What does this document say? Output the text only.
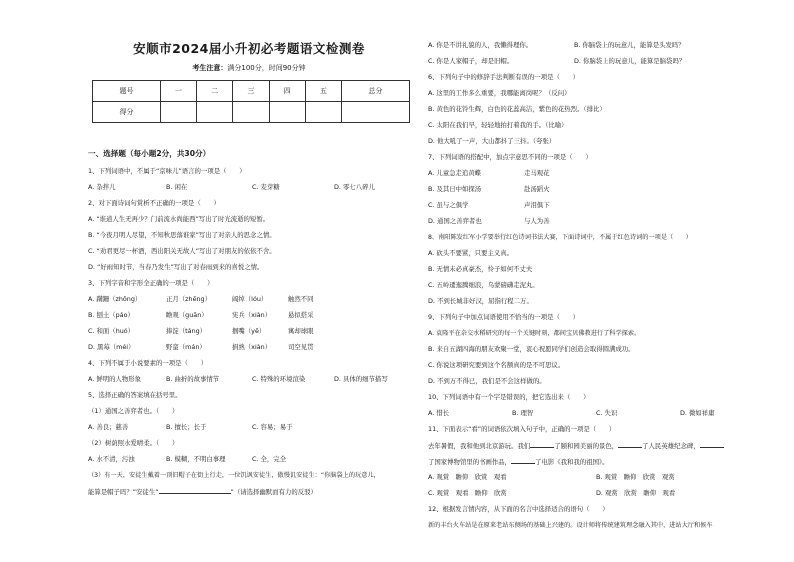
安顺市2024届小升初必考题语文检测卷
考生注意：满分100分，时间90分钟
题号	一	二	三	四	五	总分
得分						
一、选择题（每小题2分，共30分）
1、下列词语中，不属于“京味儿”语言的一项是（　　）
A. 杂拌儿	B. 闲在	C. 麦芽糖	D. 零七八碎儿
2、对下面诗词句赏析不正确的一项是（　　）
A. “谁道人生无再少？门前流水尚能西”写出了时光流逝的短暂。
B. “今夜月明人尽望，不知秋思落谁家”写出了对亲人的思念之情。
C. “劝君更尽一杯酒，西出阳关无故人”写出了对朋友的依依不舍。
D. “好雨知时节，当春乃发生”写出了对春雨到来的喜悦之情。
3、下列字音和字形全正确的一项是（　　）
A. 蹒跚（zhōng）	正月（zhēng）	阔绰（lóu）	触然不同
B. 刨土（páo）	瞻观（guān）	宪兵（xiàn）	悬拟搭采
C. 和面（huó）	捧淀（táng）	掴嘴（yē）	寓却球眼
D. 黑莓（méi）	野蛮（mán）	捐熟（xiàn）	司空见贯
4、下列不属于小说要素的一项是（　　）
A. 鲜明的人物形象	B. 曲折的故事情节	C. 特殊的环境渲染	D. 具体的细节描写
5、选择正确的答案填在括号里。
（1）通国之善弈者也。（　　）
A. 善良；慈善	B. 擅长；长于	C. 容易；易于
（2）树荫照水爱晴柔。（　　）
A. 水不清，污浊	B. 模糊，不明白事理	C. 全，完全
（3）有一天，安徒生戴着一顶旧帽子在街上行走，一位饥讽安徒生，傲慢讥安徒生：“你脑袋上的玩意儿，
能算是帽子吗？”安徒生“	”（请选择幽默而有力的反驳）
A. 你是不讲礼貌的人，我懒得理你。	B. 你脑袋上的玩意儿，能算是头发吗？
C. 你是人家帽子，却是旧帽。	D. 你脑袋上的玩意儿，能算是脑袋吗？
6、下列句子中的修辞手法判断有误的一项是（　　）
A. 这里的工作多么重要，我哪能离岗呢？（反问）
B. 黄色的花铃生辉，白色的花蕊高洁，紫色的花热烈。（排比）
C. 太阳在我们早，轻轻地拍打着我的手。（比喻）
D. 他大吼了一声，大山都抖了三抖。（夸张）
7、下列词语的搭配中，加点字意思不同的一项是（　　）
A. 儿童急走追黄蝶	走马观花
B. 及其日中如探汤	赴汤蹈火
C. 虽与之俱学	声泪俱下
D. 通国之善弈者也	与人为善
8、南阳陈发红军小学要举行红色诗词书法大赛，下面诗词中，不属于红色诗词的一项是（　　）
A. 砍头不要紧，只要主义真。
B. 无情未必真豪杰，怜子如何不丈夫
C. 五岭逶迤腾细浪，乌蒙磅礴走泥丸。
D. 不到长城非好汉，屈指行程二万。
9、下列句子中加点词语使用不恰当的一项是（　　）
A. 袁隆平在杂交水稻研究的每一个关键时刻，都间宝贝佛教进行了科学探索。
B. 来自五湖四海的朋友欢聚一堂，衷心祝愿同学们创造会取得圆满成功。
C. 你说这项研究要到这个名额真的是不可思议。
D. 不到万不得已，我们是不会这样做的。
10、下列词语中有一个字是错误的，把它选出来（　　）
A. 惜长	B. 理智	C. 失识	D. 微如祥庸
11、下面表示“看”的词语依次填入句子中，正确的一项是（　　）
去年暑假，我和他到北京游玩。我们	了颐和园美丽的景色，	了人民英雄纪念碑，
了国家博物馆里的书画作品，	了电影《我和我的祖国》。
A. 观赏　瞻仰　欣赏　观看	B. 观赏　瞻仰　欣赏　观赏
C. 观赏　观看　瞻仰　欣赏	D. 观赏　欣赏　瞻仰　观看
12、根据发言情内容，从下面的名言中选择适合的语句（　　）
新的丰台火车站是在原来老站东侧场的基础上兴建的。设计师将传统建筑理念融入其中，进站大厅和候车
